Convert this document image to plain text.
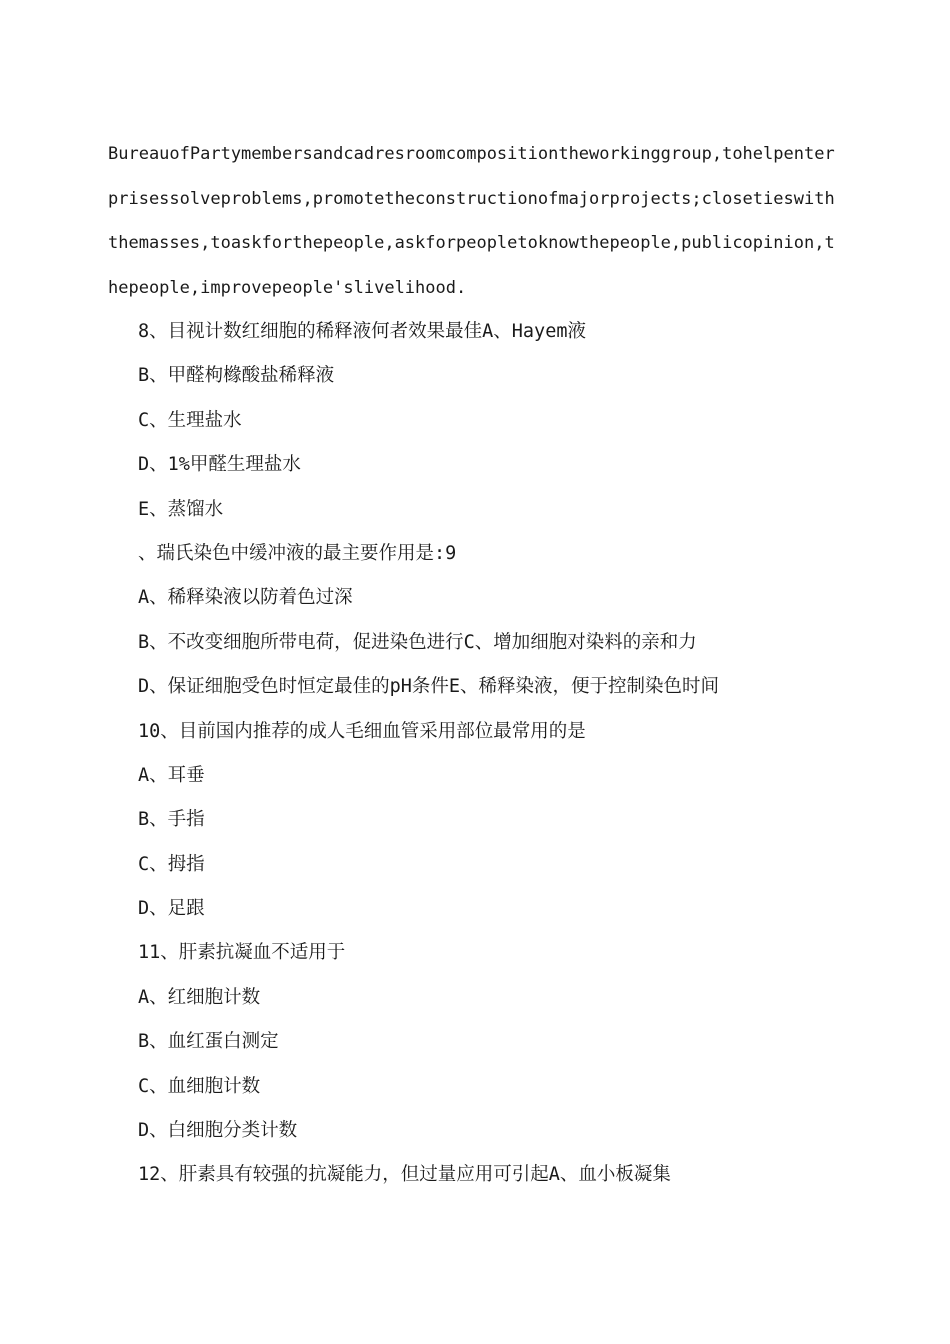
BureauofPartymembersandcadresroomcompositiontheworkinggroup,tohelpenterprisessolveproblems,promotetheconstructionofmajorprojects;closetieswiththemasses,toaskforthepeople,askforpeopletoknowthepeople,publicopinion,thepeople,improvepeople'slivelihood.

8、目视计数红细胞的稀释液何者效果最佳A、Hayem液
B、甲醛枸橼酸盐稀释液
C、生理盐水
D、1%甲醛生理盐水
E、蒸馏水
、瑞氏染色中缓冲液的最主要作用是:9
A、稀释染液以防着色过深
B、不改变细胞所带电荷，促进染色进行C、增加细胞对染料的亲和力
D、保证细胞受色时恒定最佳的pH条件E、稀释染液，便于控制染色时间
10、目前国内推荐的成人毛细血管采用部位最常用的是
A、耳垂
B、手指
C、拇指
D、足跟
11、肝素抗凝血不适用于
A、红细胞计数
B、血红蛋白测定
C、血细胞计数
D、白细胞分类计数
12、肝素具有较强的抗凝能力，但过量应用可引起A、血小板凝集
